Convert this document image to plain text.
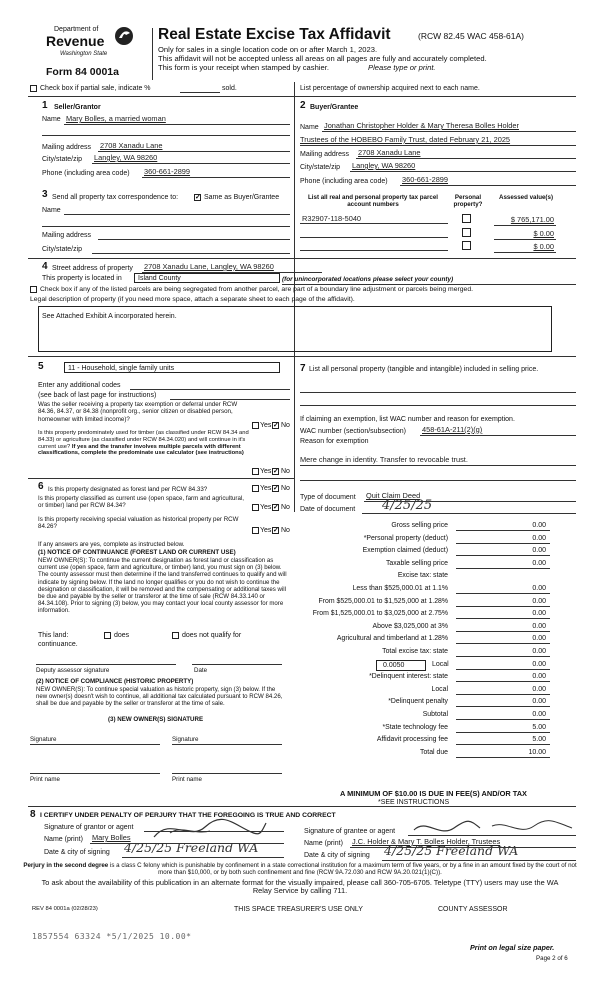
Department of
Revenue
Washington State
Form 84 0001a
Real Estate Excise Tax Affidavit	(RCW 82.45 WAC 458-61A)
Only for sales in a single location code on or after March 1, 2023.
This affidavit will not be accepted unless all areas on all pages are fully and accurately completed.
This form is your receipt when stamped by cashier.	Please type or print.
Check box if partial sale, indicate %	sold.	List percentage of ownership acquired next to each name.
1 Seller/Grantor
Name Mary Bolles, a married woman
Mailing address 2708 Xanadu Lane
City/state/zip Langley, WA 98260
Phone (including area code) 360-661-2899
2 Buyer/Grantee
Name Jonathan Christopher Holder & Mary Theresa Bolles Holder
Trustees of the HOBEBO Family Trust, dated February 21, 2025
Mailing address 2708 Xanadu Lane
City/state/zip Langley, WA 98260
Phone (including area code) 360-661-2899
3 Send all property tax correspondence to: ✓ Same as Buyer/Grantee
Name
Mailing address
City/state/zip
List all real and personal property tax parcel account numbers
Personal property?
Assessed value(s)
R32907-118-5040	$ 765,171.00
$ 0.00
$ 0.00
4 Street address of property 2708 Xanadu Lane, Langley, WA 98260
This property is located in Island County	(for unincorporated locations please select your county)
Check box if any of the listed parcels are being segregated from another parcel, are part of a boundary line adjustment or parcels being merged.
Legal description of property (if you need more space, attach a separate sheet to each page of the affidavit).
See Attached Exhibit A incorporated herein.
5	11 - Household, single family units
Enter any additional codes
(see back of last page for instructions)
Was the seller receiving a property tax exemption or deferral under RCW 84.36, 84.37, or 84.38 (nonprofit org., senior citizen or disabled person, homeowner with limited income)?
Yes ✓ No
Is this property predominately used for timber (as classified under RCW 84.34 and 84.33) or agriculture (as classified under RCW 84.34.020) and will continue in it's current use? If yes and the transfer involves multiple parcels with different classifications, complete the predominate use calculator (see instructions)
Yes ✓ No
7 List all personal property (tangible and intangible) included in selling price.
If claiming an exemption, list WAC number and reason for exemption.
WAC number (section/subsection) 458-61A-211(2)(g)
Reason for exemption
Mere change in identity. Transfer to revocable trust.
6 Is this property designated as forest land per RCW 84.33?	Yes ✓ No
Is this property classified as current use (open space, farm and agricultural, or timber) land per RCW 84.34?	Yes ✓ No
Is this property receiving special valuation as historical property per RCW 84.26?
Yes ✓ No
If any answers are yes, complete as instructed below.
(1) NOTICE OF CONTINUANCE (FOREST LAND OR CURRENT USE)
NEW OWNER(S): To continue the current designation as forest land or classification as current use (open space, farm and agriculture, or timber) land, you must sign on (3) below. The county assessor must then determine if the land transferred continues to qualify and will indicate by signing below. If the land no longer qualifies or you do not wish to continue the designation or classification, it will be removed and the compensating or additional taxes will be due and payable by the seller or transferor at the time of sale (RCW 84.33.140 or 84.34.108). Prior to signing (3) below, you may contact your local county assessor for more information.
This land:	does	does not qualify for
continuance.
Deputy assessor signature	Date
(2) NOTICE OF COMPLIANCE (HISTORIC PROPERTY)
NEW OWNER(S): To continue special valuation as historic property, sign (3) below. If the new owner(s) doesn't wish to continue, all additional tax calculated pursuant to RCW 84.26, shall be due and payable by the seller or transferor at the time of sale.
(3) NEW OWNER(S) SIGNATURE
Signature	Signature
Print name	Print name
Type of document Quit Claim Deed
Date of document 4/25/25
Gross selling price	0.00
*Personal property (deduct)	0.00
Exemption claimed (deduct)	0.00
Taxable selling price	0.00
Excise tax: state
Less than $525,000.01 at 1.1%	0.00
From $525,000.01 to $1,525,000 at 1.28%	0.00
From $1,525,000.01 to $3,025,000 at 2.75%	0.00
Above $3,025,000 at 3%	0.00
Agricultural and timberland at 1.28%	0.00
Total excise tax: state	0.00
0.0050	Local	0.00
*Delinquent interest: state	0.00
Local	0.00
*Delinquent penalty	0.00
Subtotal	0.00
*State technology fee	5.00
Affidavit processing fee	5.00
Total due	10.00
A MINIMUM OF $10.00 IS DUE IN FEE(S) AND/OR TAX
*SEE INSTRUCTIONS
8 I CERTIFY UNDER PENALTY OF PERJURY THAT THE FOREGOING IS TRUE AND CORRECT
Signature of grantor or agent
Name (print) Mary Bolles
Date & city of signing 4/25/25 Freeland WA
Signature of grantee or agent
Name (print) J.C. Holder & Mary T. Bolles Holder, Trustees
Date & city of signing 4/25/25 Freeland WA
Perjury in the second degree is a class C felony which is punishable by confinement in a state correctional institution for a maximum term of five years, or by a fine in an amount fixed by the court of not more than $10,000, or by both such confinement and fine (RCW 9A.72.030 and RCW 9A.20.021(1)(C)).
To ask about the availability of this publication in an alternate format for the visually impaired, please call 360-705-6705. Teletype (TTY) users may use the WA Relay Service by calling 711.
REV 84 0001a (02/28/23)	THIS SPACE TREASURER'S USE ONLY	COUNTY ASSESSOR
1857554 63324 *5/1/2025 10.00*
Print on legal size paper.
Page 2 of 6
